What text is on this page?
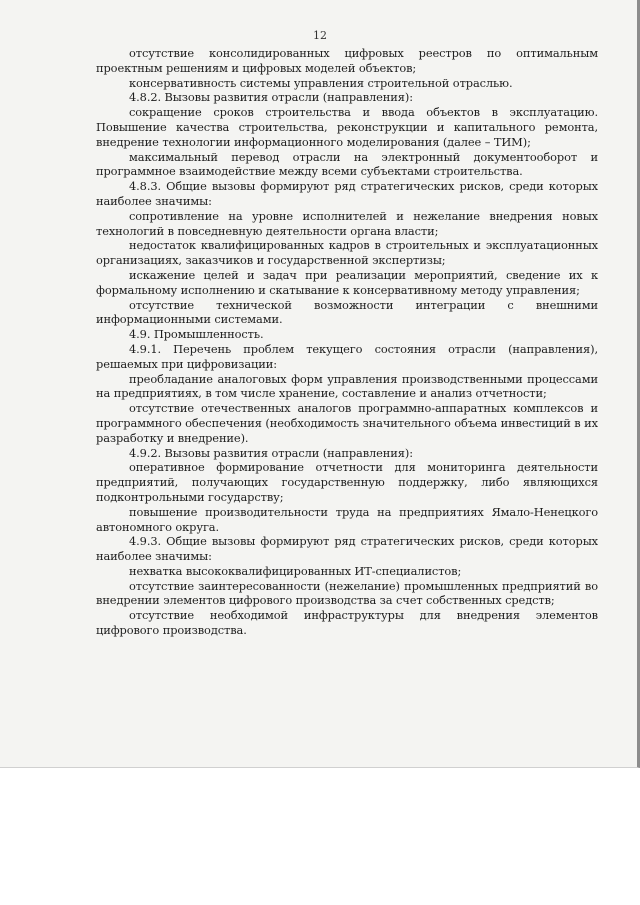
12

отсутствие консолидированных цифровых реестров по оптимальным проектным решениям и цифровых моделей объектов;

консервативность системы управления строительной отраслью.

4.8.2. Вызовы развития отрасли (направления):

сокращение сроков строительства и ввода объектов в эксплуатацию. Повышение качества строительства, реконструкции и капитального ремонта, внедрение технологии информационного моделирования (далее – ТИМ);

максимальный перевод отрасли на электронный документооборот и программное взаимодействие между всеми субъектами строительства.

4.8.3. Общие вызовы формируют ряд стратегических рисков, среди которых наиболее значимы:

сопротивление на уровне исполнителей и нежелание внедрения новых технологий в повседневную деятельности органа власти;

недостаток квалифицированных кадров в строительных и эксплуатационных организациях, заказчиков и государственной экспертизы;

искажение целей и задач при реализации мероприятий, сведение их к формальному исполнению и скатывание к консервативному методу управления;

отсутствие технической возможности интеграции с внешними информационными системами.

4.9. Промышленность.

4.9.1. Перечень проблем текущего состояния отрасли (направления), решаемых при цифровизации:

преобладание аналоговых форм управления производственными процессами на предприятиях, в том числе хранение, составление и анализ отчетности;

отсутствие отечественных аналогов программно-аппаратных комплексов и программного обеспечения (необходимость значительного объема инвестиций в их разработку и внедрение).

4.9.2. Вызовы развития отрасли (направления):

оперативное формирование отчетности для мониторинга деятельности предприятий, получающих государственную поддержку, либо являющихся подконтрольными государству;

повышение производительности труда на предприятиях Ямало-Ненецкого автономного округа.

4.9.3. Общие вызовы формируют ряд стратегических рисков, среди которых наиболее значимы:

нехватка высококвалифицированных ИТ-специалистов;

отсутствие заинтересованности (нежелание) промышленных предприятий во внедрении элементов цифрового производства за счет собственных средств;

отсутствие необходимой инфраструктуры для внедрения элементов цифрового производства.
